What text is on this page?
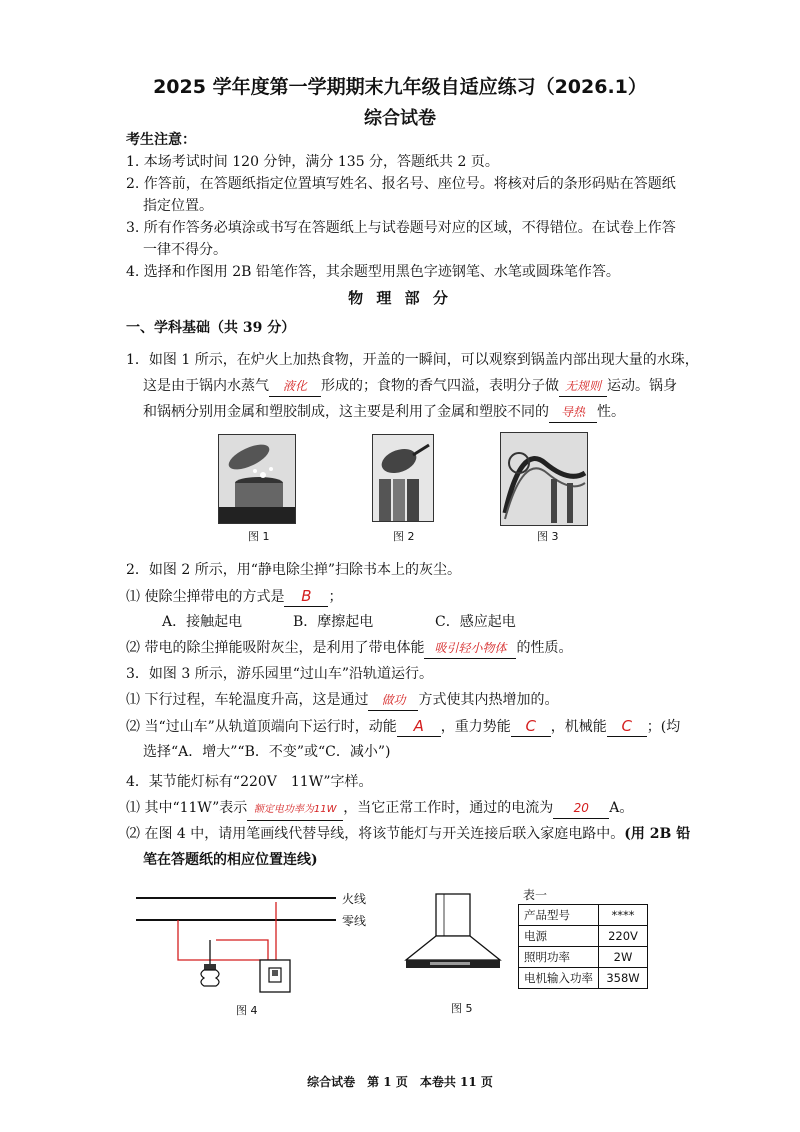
2025 学年度第一学期期末九年级自适应练习（2026.1）
综合试卷
考生注意：
1. 本场考试时间 120 分钟，满分 135 分，答题纸共 2 页。
2. 作答前，在答题纸指定位置填写姓名、报名号、座位号。将核对后的条形码贴在答题纸
指定位置。
3. 所有作答务必填涂或书写在答题纸上与试卷题号对应的区域，不得错位。在试卷上作答
一律不得分。
4. 选择和作图用 2B 铅笔作答，其余题型用黑色字迹钢笔、水笔或圆珠笔作答。
物 理 部 分
一、学科基础（共 39 分）
1．如图 1 所示，在炉火上加热食物，开盖的一瞬间，可以观察到锅盖内部出现大量的水珠，
这是由于锅内水蒸气 液化 形成的；食物的香气四溢，表明分子做 无规则 运动。锅身
和锅柄分别用金属和塑胶制成，这主要是利用了金属和塑胶不同的 导热 性。
图 1	图 2	图 3
2．如图 2 所示，用“静电除尘掸”扫除书本上的灰尘。
⑴ 使除尘掸带电的方式是 B ；
A．接触起电	B．摩擦起电	C．感应起电
⑵ 带电的除尘掸能吸附灰尘，是利用了带电体能 吸引轻小物体 的性质。
3．如图 3 所示，游乐园里“过山车”沿轨道运行。
⑴ 下行过程，车轮温度升高，这是通过 做功 方式使其内热增加的。
⑵ 当“过山车”从轨道顶端向下运行时，动能 A ，重力势能 C ，机械能 C ；(均
选择“A．增大”“B．不变”或“C．减小”)
4．某节能灯标有“220V　11W”字样。
⑴ 其中“11W”表示 额定电功率为11W ，当它正常工作时，通过的电流为 20 A。
⑵ 在图 4 中，请用笔画线代替导线，将该节能灯与开关连接后联入家庭电路中。(用 2B 铅
笔在答题纸的相应位置连线)
火线
零线
图 4	图 5
表一
产品型号	****
电源	220V
照明功率	2W
电机输入功率	358W
综合试卷　第 1 页　本卷共 11 页
